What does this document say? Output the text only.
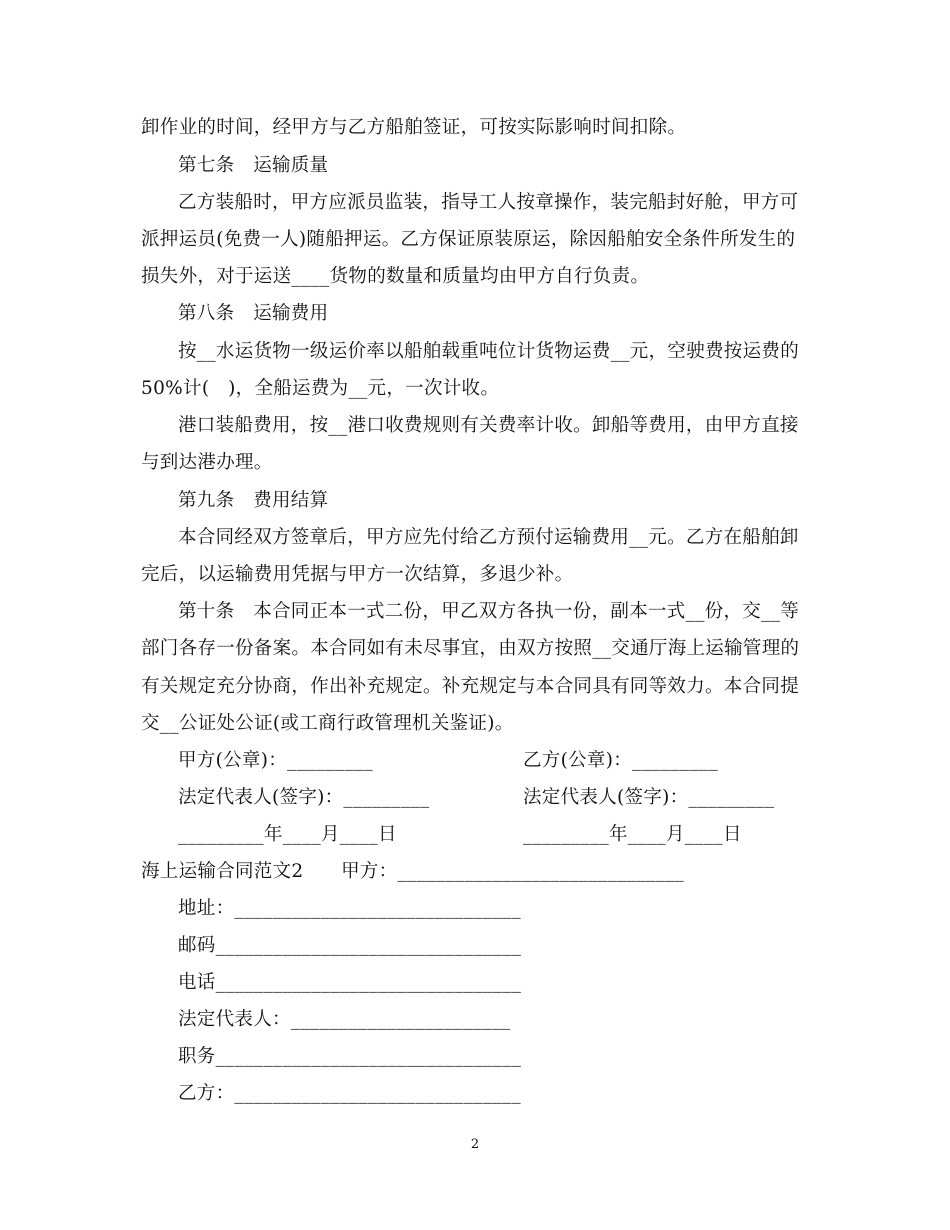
卸作业的时间，经甲方与乙方船舶签证，可按实际影响时间扣除。
第七条　运输质量
乙方装船时，甲方应派员监装，指导工人按章操作，装完船封好舱，甲方可
派押运员(免费一人)随船押运。乙方保证原装原运，除因船舶安全条件所发生的
损失外，对于运送____货物的数量和质量均由甲方自行负责。
第八条　运输费用
按__水运货物一级运价率以船舶载重吨位计货物运费__元，空驶费按运费的
50%计(　)，全船运费为__元，一次计收。
港口装船费用，按__港口收费规则有关费率计收。卸船等费用，由甲方直接
与到达港办理。
第九条　费用结算
本合同经双方签章后，甲方应先付给乙方预付运输费用__元。乙方在船舶卸
完后，以运输费用凭据与甲方一次结算，多退少补。
第十条　本合同正本一式二份，甲乙双方各执一份，副本一式__份，交__等
部门各存一份备案。本合同如有未尽事宜，由双方按照__交通厅海上运输管理的
有关规定充分协商，作出补充规定。补充规定与本合同具有同等效力。本合同提
交__公证处公证(或工商行政管理机关鉴证)。
甲方(公章)：_________	乙方(公章)：_________
法定代表人(签字)：_________	法定代表人(签字)：_________
_________年____月____日	_________年____月____日
海上运输合同范文2　　甲方：______________________________
地址：______________________________
邮码________________________________
电话________________________________
法定代表人：_______________________
职务________________________________
乙方：______________________________
2
